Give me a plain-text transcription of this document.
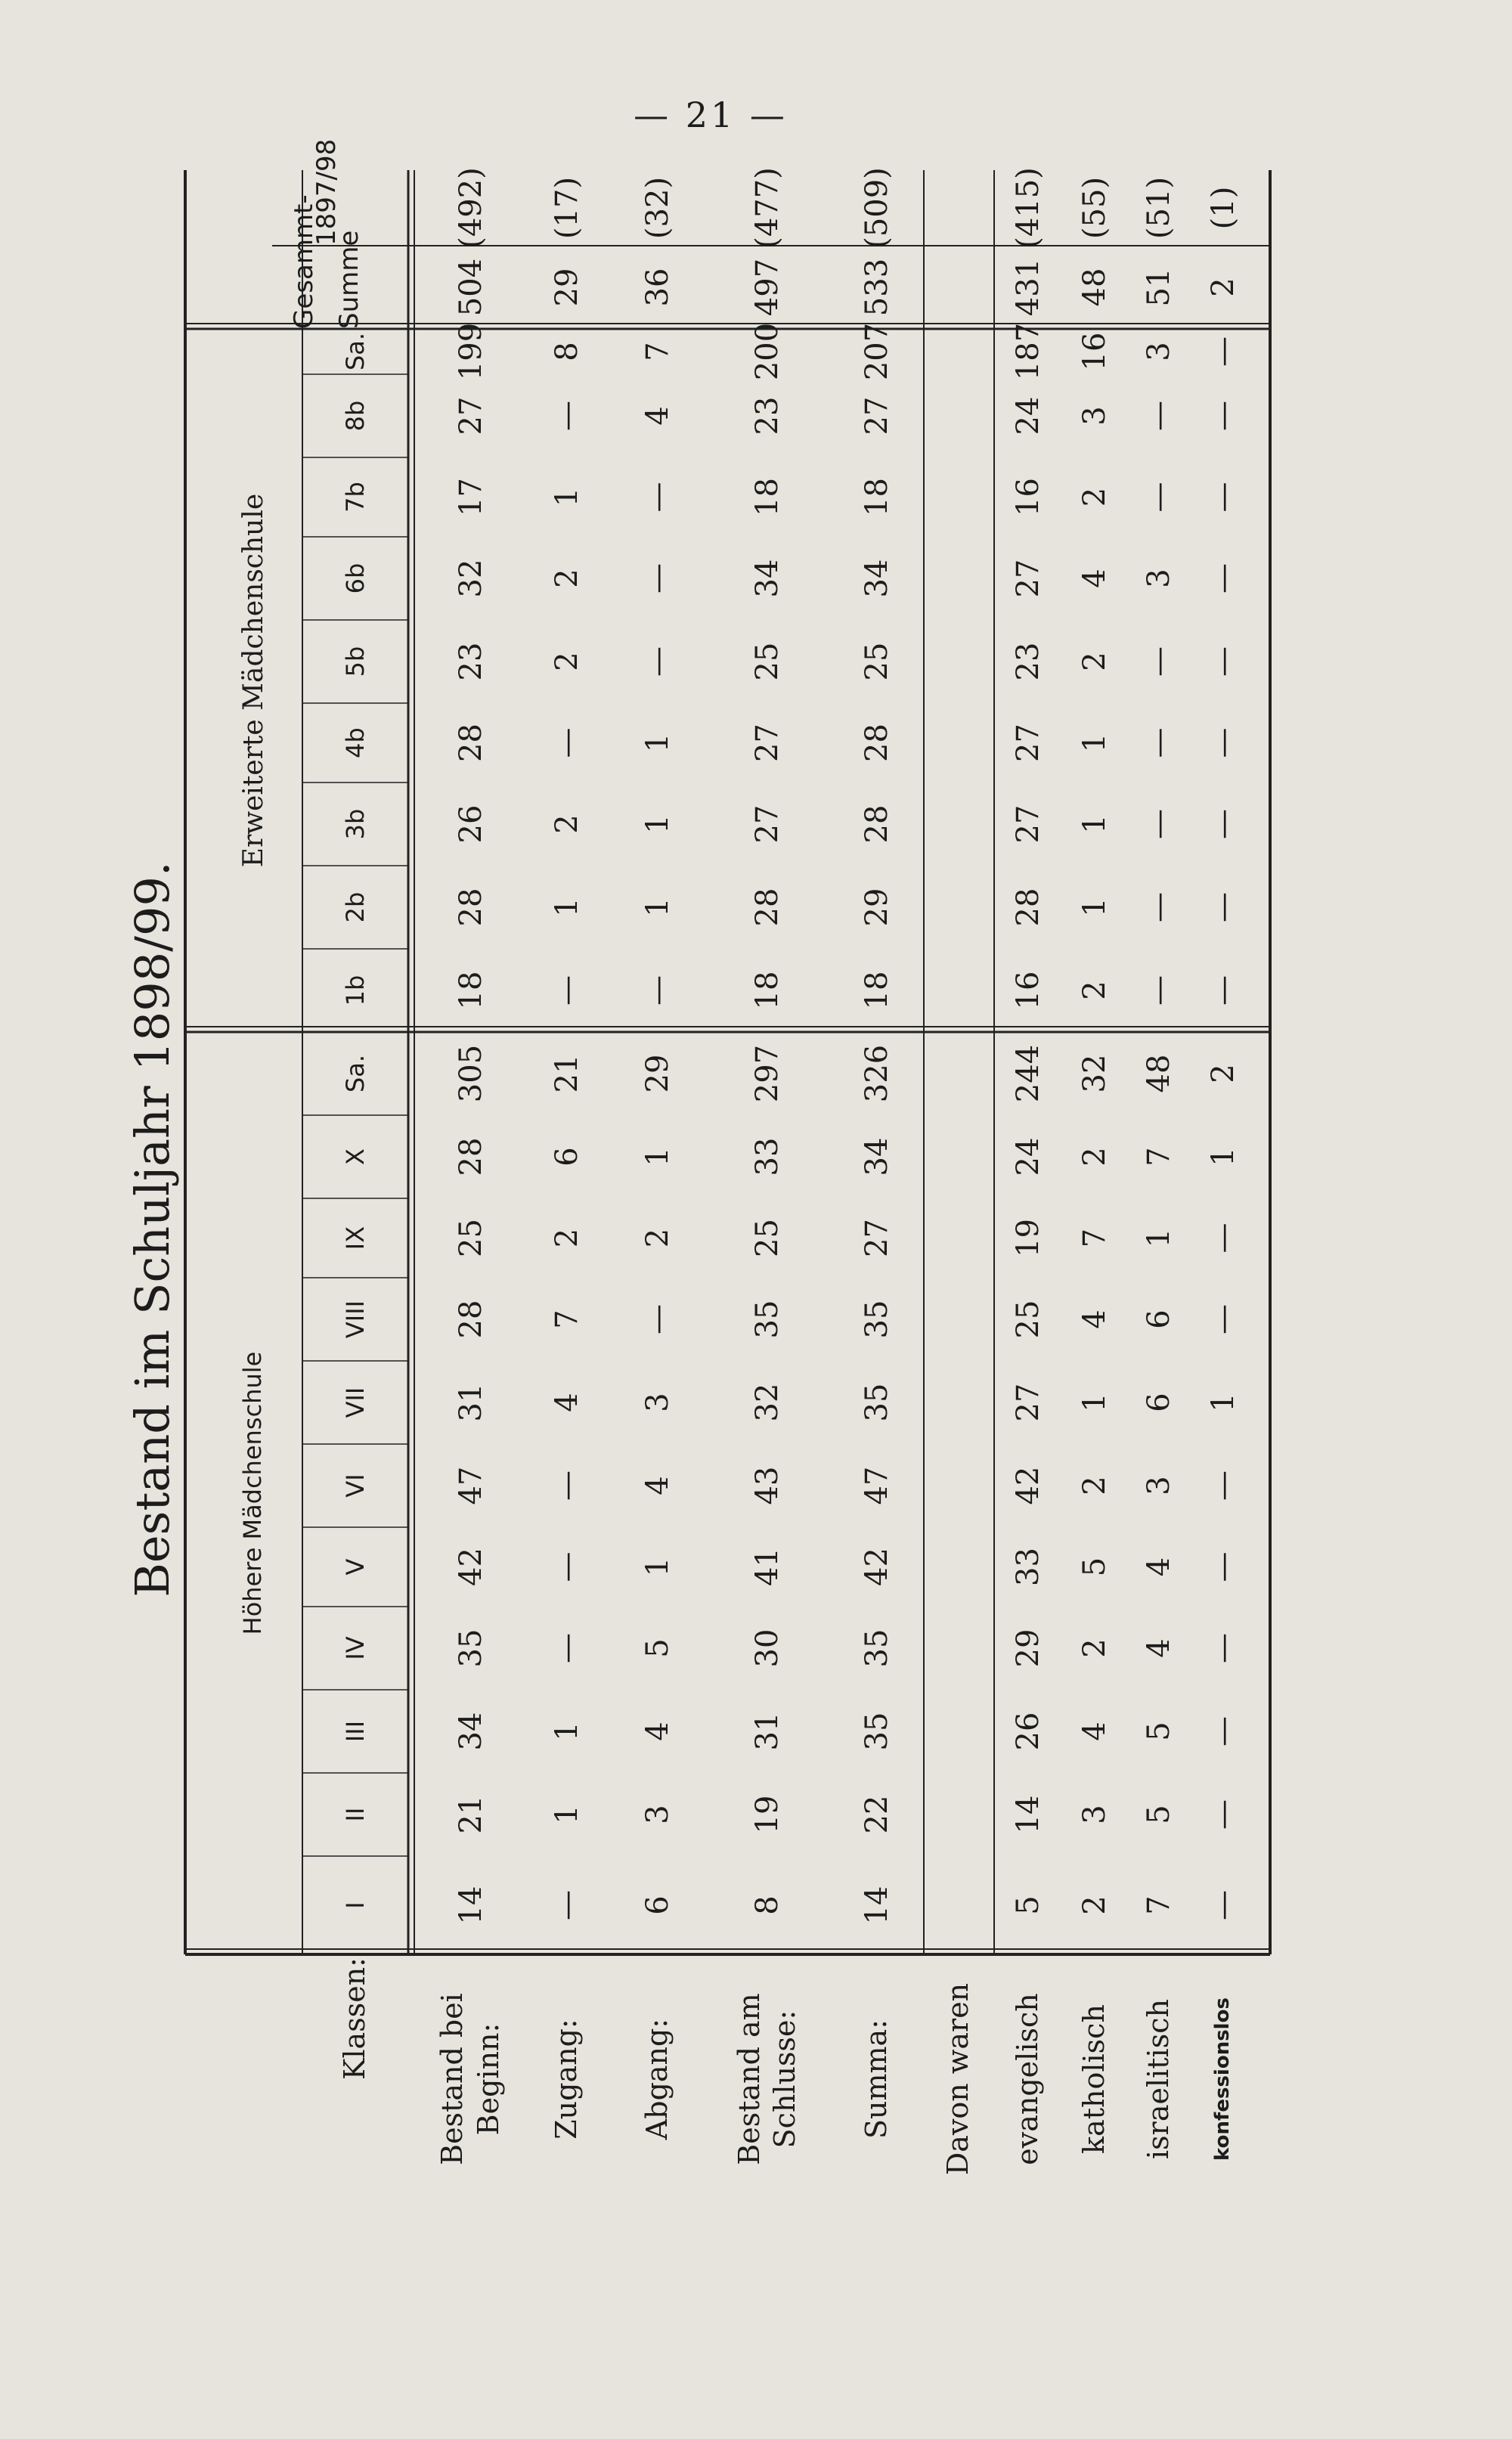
— 21 —
Bestand im Schuljahr 1898/99.	Höhere Mädchenschule
Erweiterte Mädchenschule
Klassen:
I
II
III
IV
V
VI
VII
VIII
IX
X
Sa.
1b
2b
3b
4b
5b
6b
7b
8b
Sa.
Gesammt- Summe
1897/98
Bestand bei Beginn:
14
21
34
35
42
47
31
28
25
28
305
18
28
26
28
23
32
17
27
199
504
(492)
Zugang:
—
1
1
—
—
—
4
7
2
6
21
—
1
2
—
2
2
1
—
8
29
(17)
Abgang:
6
3
4
5
1
4
3
—
2
1
29
—
1
1
1
—
—
—
4
7
36
(32)
Bestand am Schlusse:
8
19
31
30
41
43
32
35
25
33
297
18
28
27
27
25
34
18
23
200
497
(477)
Summa:
14
22
35
35
42
47
35
35
27
34
326
18
29
28
28
25
34
18
27
207
533
(509)
Davon waren evangelisch
5
14
26
29
33
42
27
25
19
24
244
16
28
27
27
23
27
16
24
187
431
(415)
katholisch
2
3
4
2
5
2
1
4
7
2
32
2
1
1
1
2
4
2
3
16
48
(55)
israelitisch
7
5
5
4
4
3
6
6
1
7
48
—
—
—
—
—
3
—
—
3
51
(51)
konfessionslos
—
—
—
—
—
—
1
—
—
1
2
—
—
—
—
—
—
—
—
—
2
(1)
